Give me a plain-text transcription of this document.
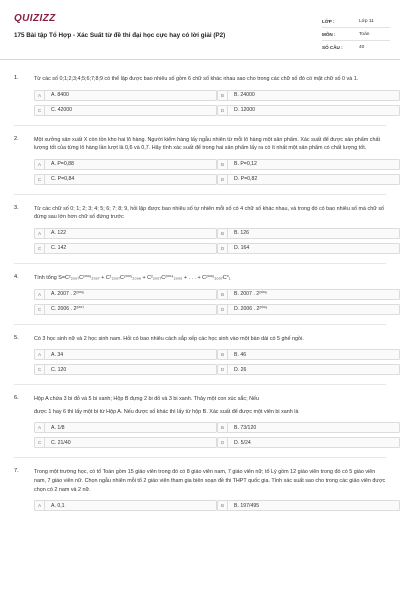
QUIZIZZ
175 Bài tập Tổ Hợp - Xác Suất từ đề thi đại học cực hay có lời giải (P2)
LỚP :	Lớp 11
MÔN :	Toán
SỐ CÂU :	40
1.	Từ các số 0;1;2;3;4;5;6;7;8;9 có thể lập được bao nhiêu số gồm 6 chữ số khác nhau sao cho trong các chữ số đó có mặt chữ số 0 và 1.
A	A. 8400	B	B. 24000
C	C. 42000	D	D. 12000
2.	Một xưởng sản xuất X còn tồn kho hai lô hàng. Người kiểm hàng lấy ngẫu nhiên từ mỗi lô hàng một sản phẩm. Xác suất để được sản phẩm chất lượng tốt của từng lô hàng lần lượt là 0,6 và 0,7. Hãy tính xác suất để trong hai sản phẩm lấy ra có ít nhất một sản phẩm có chất lượng tốt.
A	A. P=0,88	B	B. P=0,12
C	C. P=0,84	D	D. P=0,82
3.	Từ các chữ số 0; 1; 2; 3; 4; 5; 6; 7; 8; 9, hỏi lập được bao nhiêu số tự nhiên mỗi số có 4 chữ số khác nhau, và trong đó có bao nhiêu số mà chữ số đứng sau lớn hơn chữ số đứng trước
A	A. 122	B	B. 126
C	C. 142	D	D. 164
4.	Tính tổng S=C²₂₀₀₇C²⁰⁰⁶₂₀₀₇ + C¹₂₀₀₇C²⁰⁰⁵₂₀₀₆ + C²₂₀₀₇C²⁰⁰⁴₂₀₀₅ + . . . + C²⁰⁰⁶₂₀₀₇C⁰₁
A	A. 2007 . 2²⁰⁰⁶	B	B. 2007 . 2²⁰⁰⁶
C	C. 2006 . 2²⁰⁰⁷	D	D. 2006 . 2²⁰⁰⁶
5.	Có 3 học sinh nữ và 2 học sinh nam. Hỏi có bao nhiêu cách sắp xếp các học sinh vào một bàn dài có 5 ghế ngồi.
A	A. 34	B	B. 46
C	C. 120	D	D. 26
6.	Hộp A chứa 3 bi đỏ và 5 bi xanh; Hộp B đựng 2 bi đỏ và 3 bi xanh. Thảy một con xúc sắc; Nếu
được 1 hay 6 thì lấy một bi từ Hộp A. Nếu được số khác thì lấy từ hộp B. Xác suất để được một viên bi xanh là
A	A. 1/8	B	B. 73/120
C	C. 21/40	D	D. 5/24
7.	Trong một trường học, có tổ Toán gồm 15 giáo viên trong đó có 8 giáo viên nam, 7 giáo viên nữ; tổ Lý gồm 12 giáo viên trong đó có 5 giáo viên nam, 7 giáo viên nữ. Chọn ngẫu nhiên mỗi tổ 2 giáo viên tham gia biên soạn đề thi THPT quốc gia. Tính xác suất sao cho trong các giáo viên được chọn có 2 nam và 2 nữ.
A	A. 0,1	B	B. 197/495
